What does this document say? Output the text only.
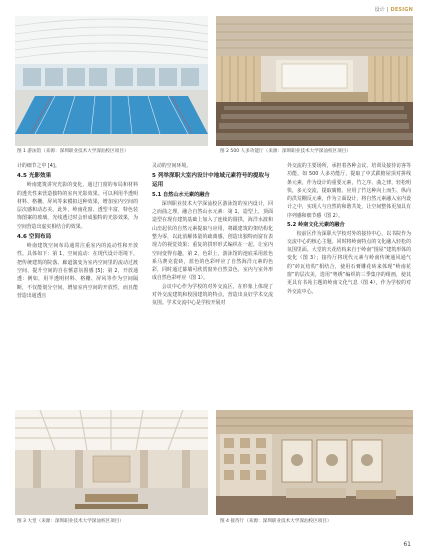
设计 | DESIGN
图 1 游泳馆（来源：深圳职业技术大学深汕校区项目）	图 2 500 人多功能厅（来源：深圳职业技术大学深汕校区项目）

计的细节之中 [4]。

4.5 光影效果

岭南建筑讲究光影的变化，通过门窗的布局和材料的透光性来营造独特的室内光影效果。可以利用半透明材料、格栅、屏风等来模拟这种效果，增加室内空间的层次感和动态美。此外，岭南花窗、透型丰富，特色装饰图案的玻璃，光线透过时会形成独特的光影效果，为空间营造出虚实相结合的效果。

4.6 空间布局

岭南建筑空间布局通常注重室内的流动性和开放性。具体如下：第 1，空间流动：在现代设计语境下，把传统建筑的院落、廊道演变为室内空间里的流动过渡空间，提升空间的自在惬意氛围感 [5]；第 2，开放通透：例如，用半透明材料、格栅、屏风等作为空间隔断，不仅能划分空间，增加室内空间的开放性，而且能营造出通透且

灵动的空间环境。

5 列举深职大室内设计中地域元素符号的提取与运用
5.1 自然山水元素的融合

深圳职业技术大学深汕校区游泳馆的室内设计，回之而曲之理，融合自然山水元素：第 1，造型上，顶面造型在现有建筑基础上加入了连续的圆拱，海洋水波和山峦起伏的自然元素提取与应用，将跟建筑的架结构化整为零，以此消解体量的疏离感，创造出独特而富有表现力的视觉效果；重复的拱形形式编织在一起，让室内空间变得有趣。第 2，色彩上，游泳馆的池底采用蓝色系马赛克瓷砖，蓝色的色彩呼应了自然海洋元素的色彩，同时通过幕墙可欣赏窗外自然景色，室内与室外形成自然色彩呼应（图 1）。

会议中心作为学校的对外交流区，在形象上体现了对外交流建筑和校园建筑的特点，营造出良好学术交流氛围。学术交流中心是学校开展对

外交流的主要场所，承担着各种会议、培训及接待访客等功能。如 500 人多功能厅，提取了中式跌檐屋顶对拼线条元素，作为设计的重要元素，竹之序、曲之律，轻松明快，多元交流，提取廣檐，应用了竹这种向上而生、纵向的洪荒棚反元素，作为立面设计，将自然元素融入室内设计之中，实现人与自然的和谐共处，让空间整体更加具有序列感和细节感（图 2）。

5.2 岭南文化元素的融合

校前区作为深职大学校对外的接待中心，以书院作为交流中心的核心主题。同时将岭南特点的文化融入轻松的氛围里面。大堂的天花结构来自于岭南“围屋”建筑形体的变化（图 3）；接待厅将现代元素与岭南传统通风通气的“砖瓦结构”相结合，使用石膏雕花砖来体现“岭南花窗”的层次美，选用“粤绣”编织的三季集序的组画，使其更具有书苑主题的岭南文化气息（图 4），作为学校的对外交流中心。

图 3 大堂（来源：深圳职业技术大学深汕校区项目）	图 4 接待厅（来源：深圳职业技术大学深汕校区项目）
61
